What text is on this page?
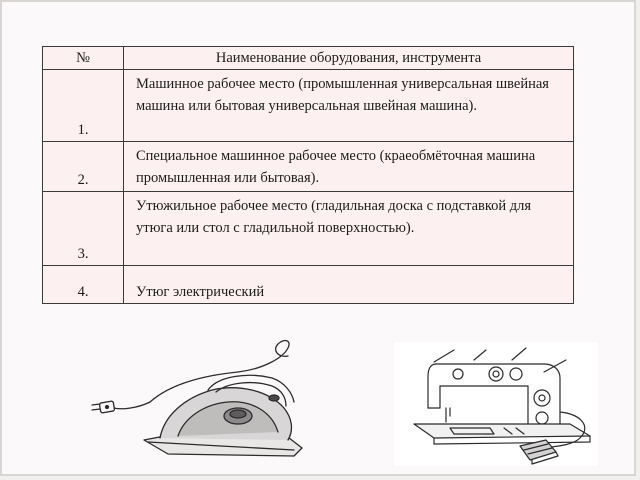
№	Наименование оборудования, инструмента
1.	Машинное рабочее место (промышленная универсальная швейная машина или бытовая универсальная швейная машина).
2.	Специальное машинное рабочее место (краеобмёточная машина промышленная или бытовая).
3.	Утюжильное рабочее место (гладильная доска с подставкой для утюга или стол с гладильной поверхностью).
4.	Утюг электрический
